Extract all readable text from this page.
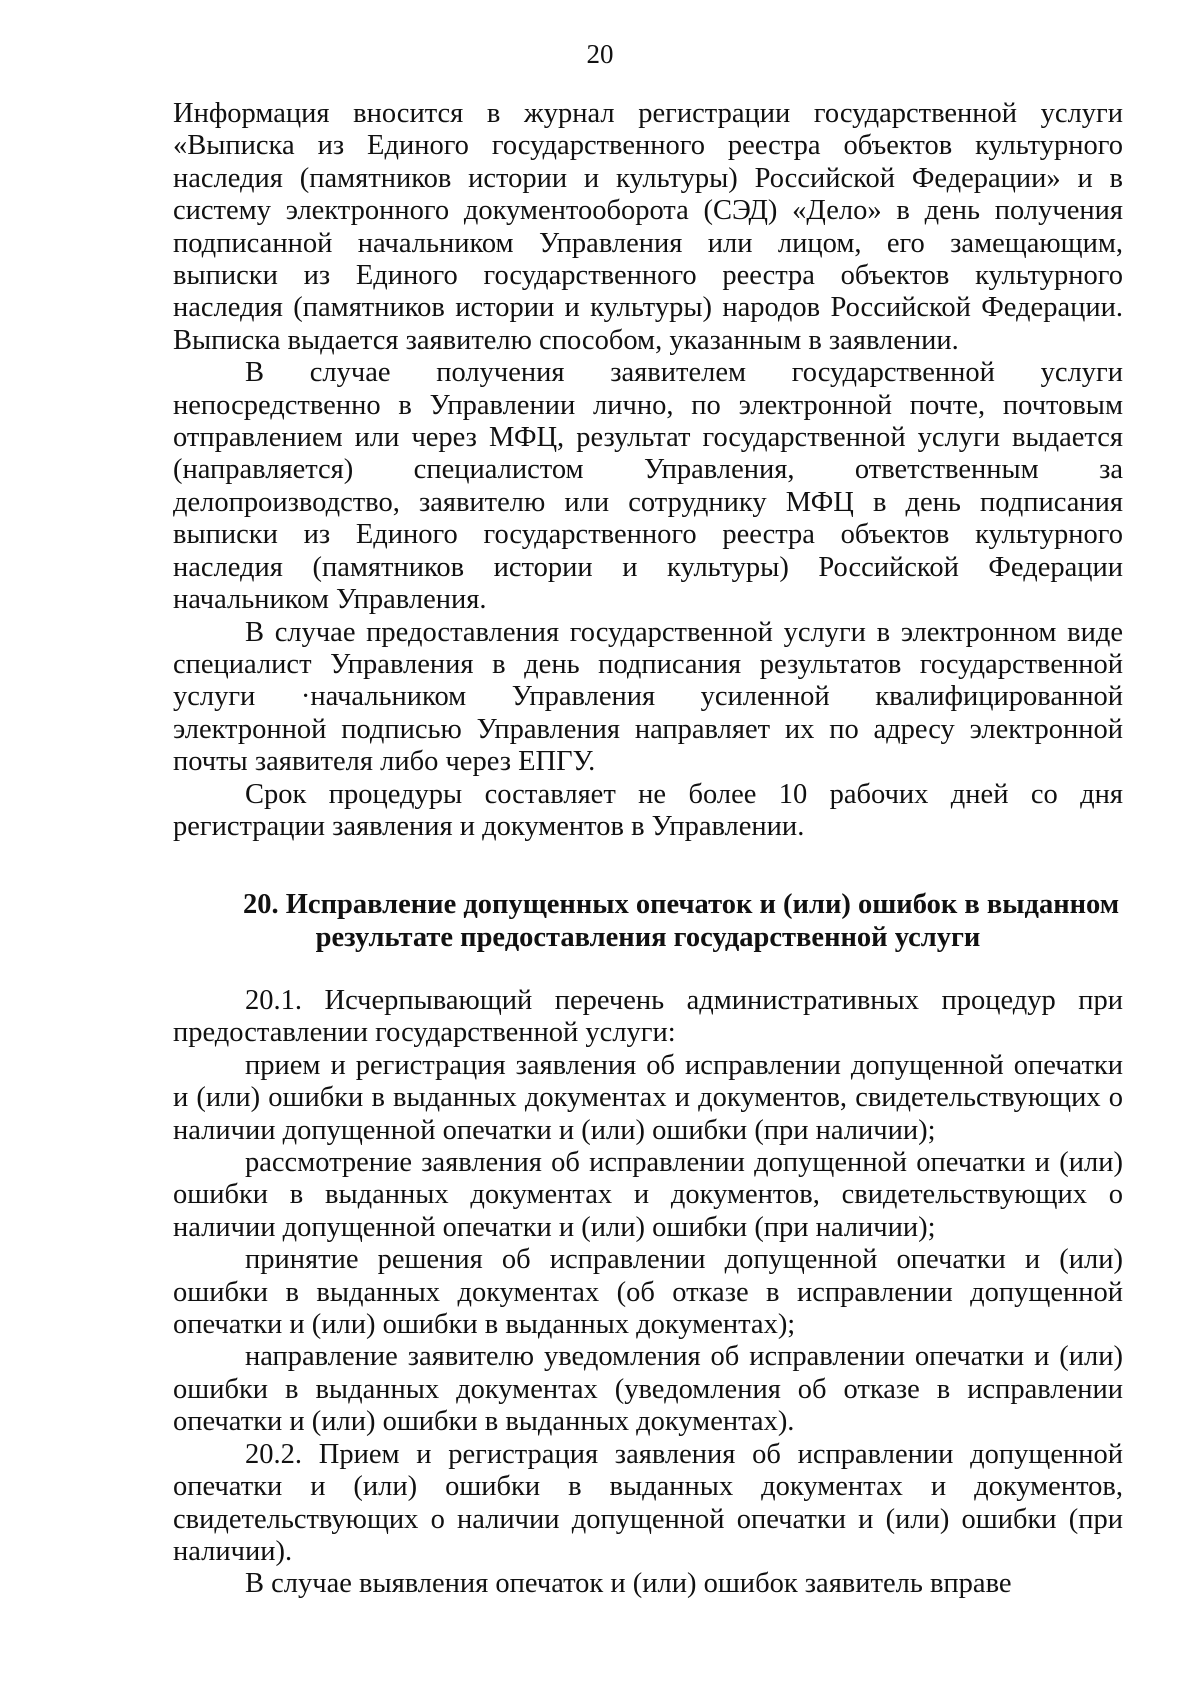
20

Информация вносится в журнал регистрации государственной услуги «Выписка из Единого государственного реестра объектов культурного наследия (памятников истории и культуры) Российской Федерации» и в систему электронного документооборота (СЭД) «Дело» в день получения подписанной начальником Управления или лицом, его замещающим, выписки из Единого государственного реестра объектов культурного наследия (памятников истории и культуры) народов Российской Федерации. Выписка выдается заявителю способом, указанным в заявлении.

В случае получения заявителем государственной услуги непосредственно в Управлении лично, по электронной почте, почтовым отправлением или через МФЦ, результат государственной услуги выдается (направляется) специалистом Управления, ответственным за делопроизводство, заявителю или сотруднику МФЦ в день подписания выписки из Единого государственного реестра объектов культурного наследия (памятников истории и культуры) Российской Федерации начальником Управления.

В случае предоставления государственной услуги в электронном виде специалист Управления в день подписания результатов государственной услуги ·начальником Управления усиленной квалифицированной электронной подписью Управления направляет их по адресу электронной почты заявителя либо через ЕПГУ.

Срок процедуры составляет не более 10 рабочих дней со дня регистрации заявления и документов в Управлении.

20. Исправление допущенных опечаток и (или) ошибок в выданном
результате предоставления государственной услуги

20.1. Исчерпывающий перечень административных процедур при предоставлении государственной услуги:

прием и регистрация заявления об исправлении допущенной опечатки и (или) ошибки в выданных документах и документов, свидетельствующих о наличии допущенной опечатки и (или) ошибки (при наличии);

рассмотрение заявления об исправлении допущенной опечатки и (или) ошибки в выданных документах и документов, свидетельствующих о наличии допущенной опечатки и (или) ошибки (при наличии);

принятие решения об исправлении допущенной опечатки и (или) ошибки в выданных документах (об отказе в исправлении допущенной опечатки и (или) ошибки в выданных документах);

направление заявителю уведомления об исправлении опечатки и (или) ошибки в выданных документах (уведомления об отказе в исправлении опечатки и (или) ошибки в выданных документах).

20.2. Прием и регистрация заявления об исправлении допущенной опечатки и (или) ошибки в выданных документах и документов, свидетельствующих о наличии допущенной опечатки и (или) ошибки (при наличии).

В случае выявления опечаток и (или) ошибок заявитель вправе
